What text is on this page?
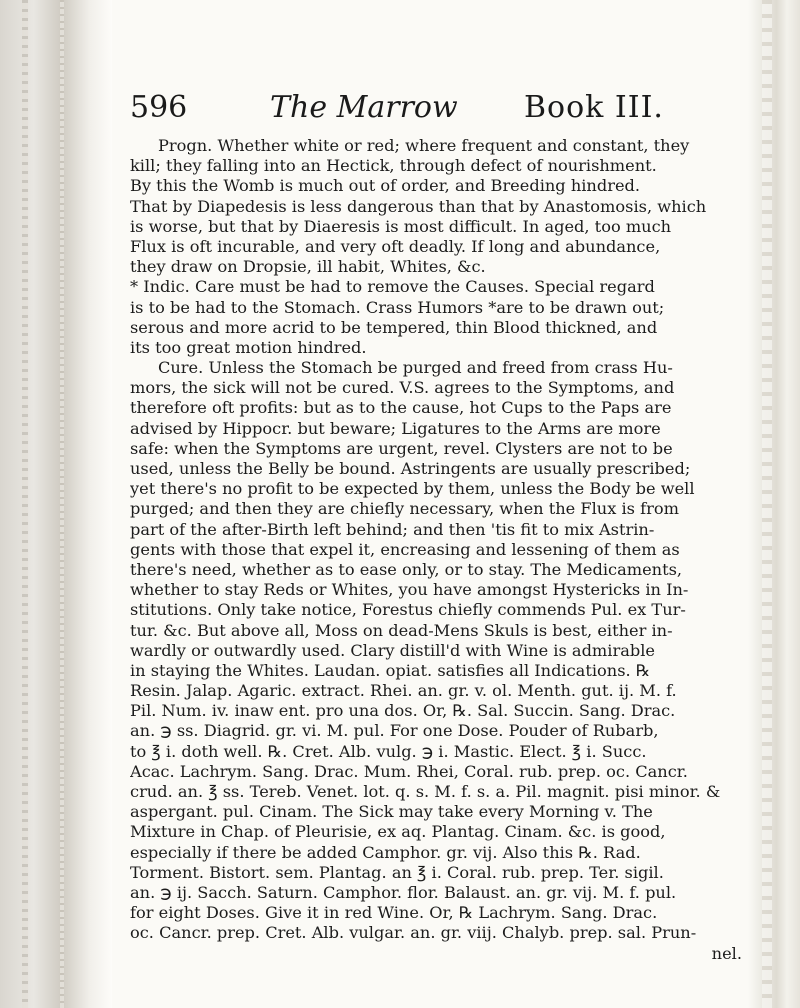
596	The Marrow Book III.
Progn. Whether white or red; where frequent and constant, they
kill; they falling into an Hectick, through defect of nourishment.
By this the Womb is much out of order, and Breeding hindred.
That by Diapedesis is less dangerous than that by Anastomosis, which
is worse, but that by Diaeresis is most difficult. In aged, too much
Flux is oft incurable, and very oft deadly. If long and abundance,
they draw on Dropsie, ill habit, Whites, &c.
* Indic. Care must be had to remove the Causes. Special regard
is to be had to the Stomach. Crass Humors *are to be drawn out;
serous and more acrid to be tempered, thin Blood thickned, and
its too great motion hindred.
Cure. Unless the Stomach be purged and freed from crass Hu-
mors, the sick will not be cured. V.S. agrees to the Symptoms, and
therefore oft profits: but as to the cause, hot Cups to the Paps are
advised by Hippocr. but beware; Ligatures to the Arms are more
safe: when the Symptoms are urgent, revel. Clysters are not to be
used, unless the Belly be bound. Astringents are usually prescribed;
yet there's no profit to be expected by them, unless the Body be well
purged; and then they are chiefly necessary, when the Flux is from
part of the after-Birth left behind; and then 'tis fit to mix Astrin-
gents with those that expel it, encreasing and lessening of them as
there's need, whether as to ease only, or to stay. The Medicaments,
whether to stay Reds or Whites, you have amongst Hystericks in In-
stitutions. Only take notice, Forestus chiefly commends Pul. ex Tur-
tur. &c. But above all, Moss on dead-Mens Skuls is best, either in-
wardly or outwardly used. Clary distill'd with Wine is admirable
in staying the Whites. Laudan. opiat. satisfies all Indications. ℞
Resin. Jalap. Agaric. extract. Rhei. an. gr. v. ol. Menth. gut. ij. M. f.
Pil. Num. iv. inaw ent. pro una dos. Or, ℞. Sal. Succin. Sang. Drac.
an. ℈ ss. Diagrid. gr. vi. M. pul. For one Dose. Pouder of Rubarb,
to ℥ i. doth well. ℞. Cret. Alb. vulg. ℈ i. Mastic. Elect. ℥ i. Succ.
Acac. Lachrym. Sang. Drac. Mum. Rhei, Coral. rub. prep. oc. Cancr.
crud. an. ℥ ss. Tereb. Venet. lot. q. s. M. f. s. a. Pil. magnit. pisi minor. &
aspergant. pul. Cinam. The Sick may take every Morning v. The
Mixture in Chap. of Pleurisie, ex aq. Plantag. Cinam. &c. is good,
especially if there be added Camphor. gr. vij. Also this ℞. Rad.
Torment. Bistort. sem. Plantag. an ℥ i. Coral. rub. prep. Ter. sigil.
an. ℈ ij. Sacch. Saturn. Camphor. flor. Balaust. an. gr. vij. M. f. pul.
for eight Doses. Give it in red Wine. Or, ℞ Lachrym. Sang. Drac.
oc. Cancr. prep. Cret. Alb. vulgar. an. gr. viij. Chalyb. prep. sal. Prun-
nel.
